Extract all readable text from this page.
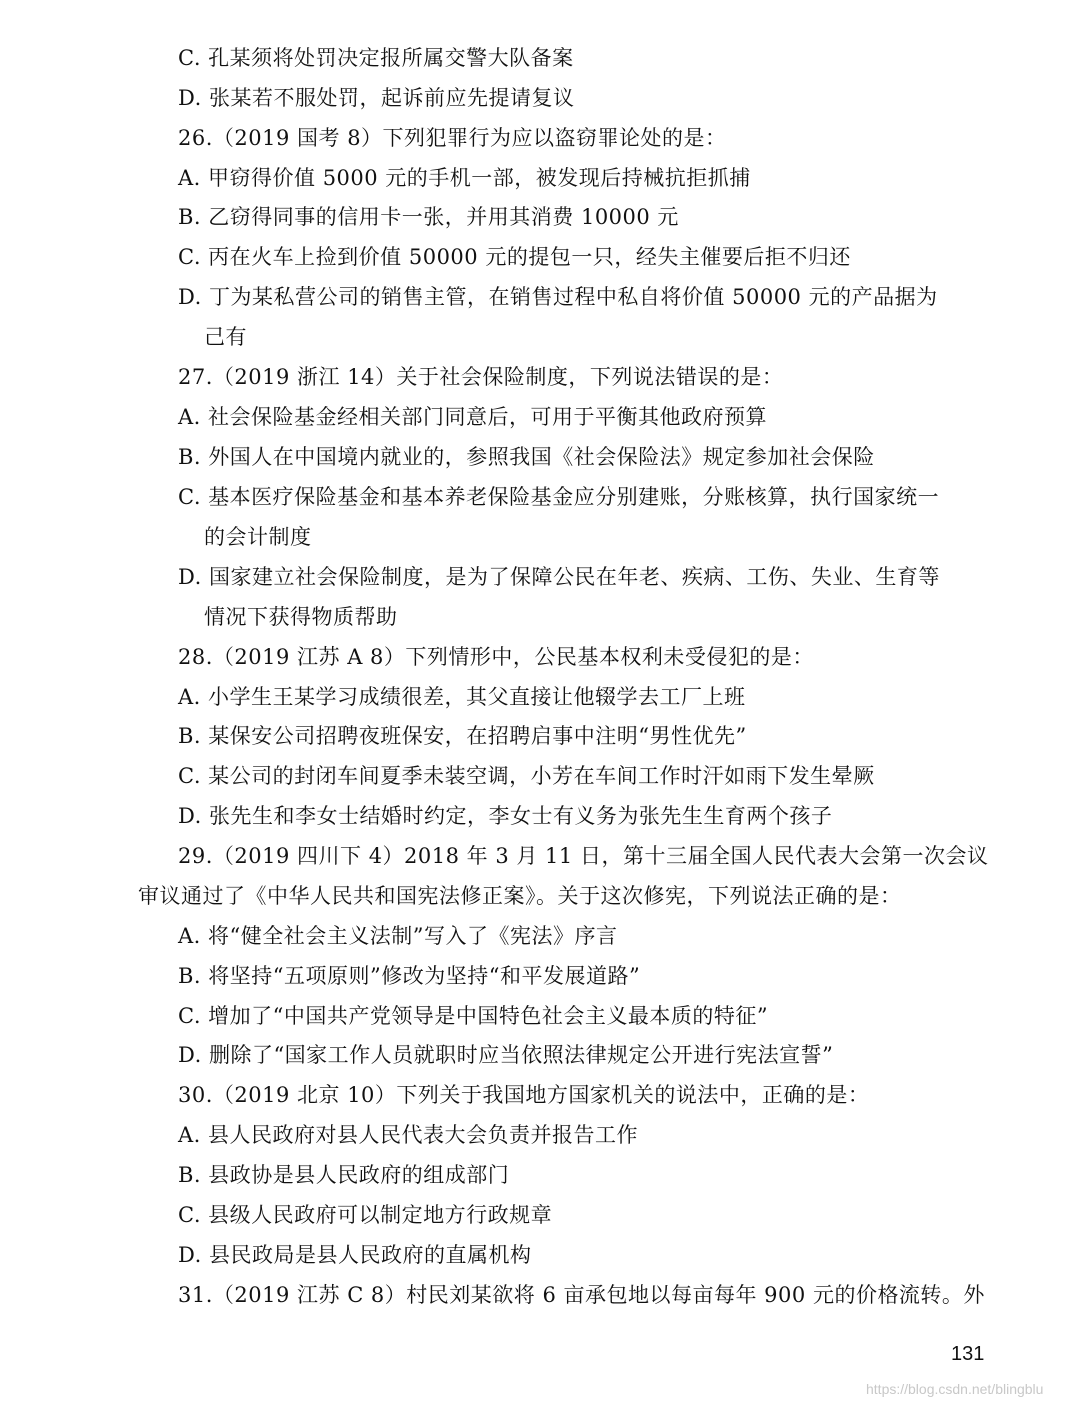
C. 孔某须将处罚决定报所属交警大队备案
D. 张某若不服处罚，起诉前应先提请复议
26.（2019 国考 8）下列犯罪行为应以盗窃罪论处的是：
A. 甲窃得价值 5000 元的手机一部，被发现后持械抗拒抓捕
B. 乙窃得同事的信用卡一张，并用其消费 10000 元
C. 丙在火车上捡到价值 50000 元的提包一只，经失主催要后拒不归还
D. 丁为某私营公司的销售主管，在销售过程中私自将价值 50000 元的产品据为
己有
27.（2019 浙江 14）关于社会保险制度，下列说法错误的是：
A. 社会保险基金经相关部门同意后，可用于平衡其他政府预算
B. 外国人在中国境内就业的，参照我国《社会保险法》规定参加社会保险
C. 基本医疗保险基金和基本养老保险基金应分别建账，分账核算，执行国家统一
的会计制度
D. 国家建立社会保险制度，是为了保障公民在年老、疾病、工伤、失业、生育等
情况下获得物质帮助
28.（2019 江苏 A 8）下列情形中，公民基本权利未受侵犯的是：
A. 小学生王某学习成绩很差，其父直接让他辍学去工厂上班
B. 某保安公司招聘夜班保安，在招聘启事中注明“男性优先”
C. 某公司的封闭车间夏季未装空调，小芳在车间工作时汗如雨下发生晕厥
D. 张先生和李女士结婚时约定，李女士有义务为张先生生育两个孩子
29.（2019 四川下 4）2018 年 3 月 11 日，第十三届全国人民代表大会第一次会议
审议通过了《中华人民共和国宪法修正案》。关于这次修宪，下列说法正确的是：
A. 将“健全社会主义法制”写入了《宪法》序言
B. 将坚持“五项原则”修改为坚持“和平发展道路”
C. 增加了“中国共产党领导是中国特色社会主义最本质的特征”
D. 删除了“国家工作人员就职时应当依照法律规定公开进行宪法宣誓”
30.（2019 北京 10）下列关于我国地方国家机关的说法中，正确的是：
A. 县人民政府对县人民代表大会负责并报告工作
B. 县政协是县人民政府的组成部门
C. 县级人民政府可以制定地方行政规章
D. 县民政局是县人民政府的直属机构
31.（2019 江苏 C 8）村民刘某欲将 6 亩承包地以每亩每年 900 元的价格流转。外
131
https://blog.csdn.net/blingblu
